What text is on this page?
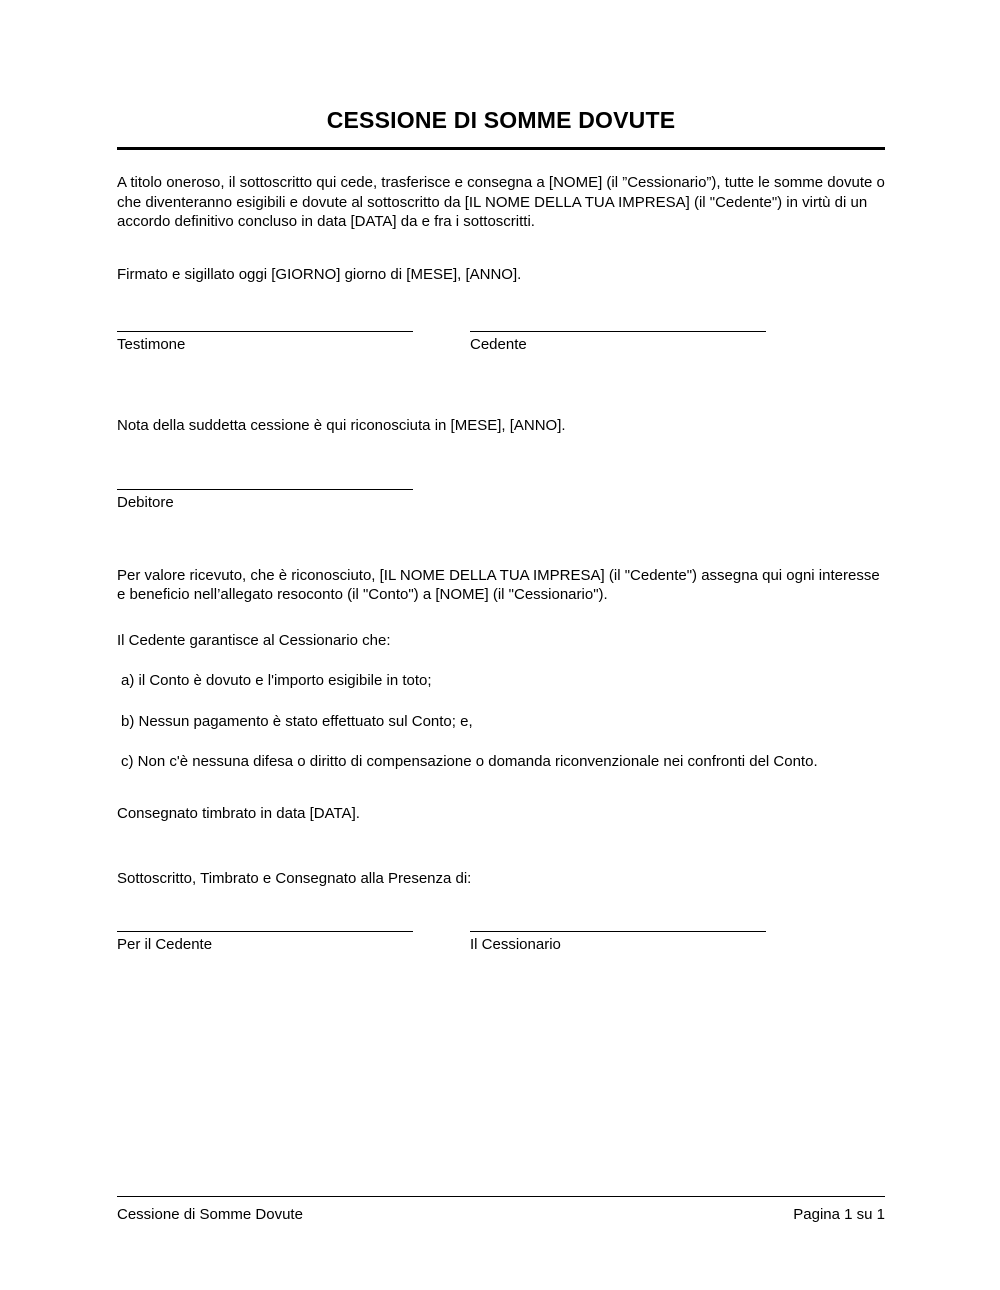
CESSIONE DI SOMME DOVUTE

A titolo oneroso, il sottoscritto qui cede, trasferisce e consegna a [NOME] (il ”Cessionario”), tutte le somme dovute o che diventeranno esigibili e dovute al sottoscritto da [IL NOME DELLA TUA IMPRESA] (il "Cedente") in virtù di un accordo definitivo concluso in data [DATA] da e fra i sottoscritti.

Firmato e sigillato oggi [GIORNO] giorno di [MESE], [ANNO].

Testimone	Cedente

Nota della suddetta cessione è qui riconosciuta in [MESE], [ANNO].

Debitore

Per valore ricevuto, che è riconosciuto, [IL NOME DELLA TUA IMPRESA] (il "Cedente") assegna qui ogni interesse e beneficio nell’allegato resoconto (il "Conto") a [NOME] (il "Cessionario").

Il Cedente garantisce al Cessionario che:

a) il Conto è dovuto e l'importo esigibile in toto;

b) Nessun pagamento è stato effettuato sul Conto; e,

c) Non c'è nessuna difesa o diritto di compensazione o domanda riconvenzionale nei confronti del Conto.

Consegnato timbrato in data [DATA].

Sottoscritto, Timbrato e Consegnato alla Presenza di:

Per il Cedente	Il Cessionario

Cessione di Somme Dovute	Pagina 1 su 1
